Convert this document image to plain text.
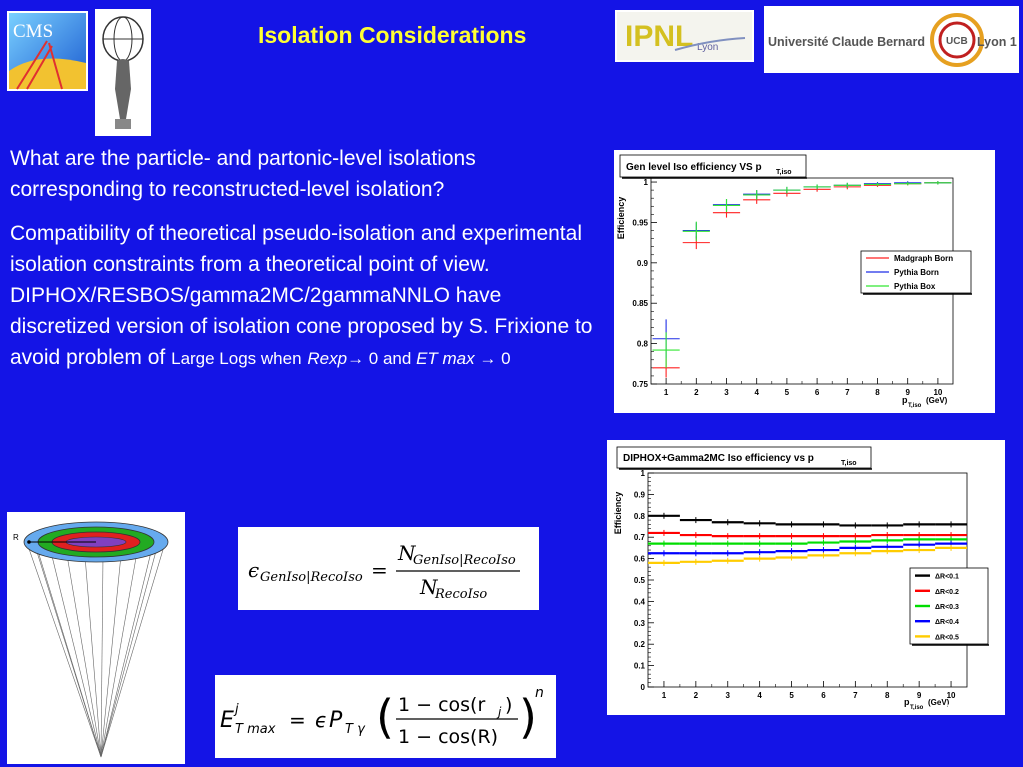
Isolation Considerations
CMS	IPNL Lyon	Université Claude Bernard UCB Lyon 1
What are the particle- and partonic-level isolations corresponding to reconstructed-level isolation?
Compatibility of theoretical pseudo-isolation and experimental isolation constraints from a theoretical point of view. DIPHOX/RESBOS/gamma2MC/2gammaNNLO have discretized version of isolation cone proposed by S. Frixione to avoid problem of Large Logs when Rexp→ 0 and ET max → 0
Gen level Iso efficiency VS p T,iso
0.75
0.8
0.85
0.9
0.95
1
1	2	3	4	5	6	7	8	9	10
Efficiency
p
T,iso
(GeV)
Madgraph Born
Pythia Born
Pythia Box
DIPHOX+Gamma2MC Iso efficiency vs p	T,iso
0
0.1
0.2
0.3
0.4
0.5
0.6
0.7
0.8
0.9
1
1	2	3	4	5	6	7	8	9	10
Efficiency
p
T,iso
(GeV)
ΔR<0.1
ΔR<0.2
ΔR<0.3
ΔR<0.4
ΔR<0.5
R
ϵ GenIso|RecoIso =
N
GenIso|RecoIso
N
RecoIso
E j
T max = ϵ P T γ ( 1 − cos(r j )
1 − cos(R) )
n
13
